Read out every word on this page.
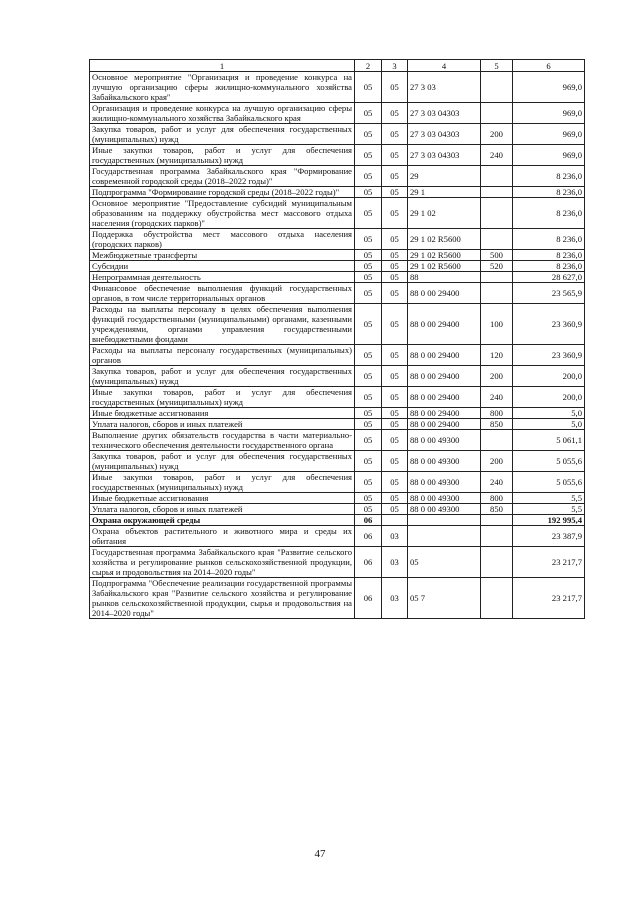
1	2	3	4	5	6
Основное мероприятие "Организация и проведение конкурса на лучшую организацию сферы жилищно-коммунального хозяйства Забайкальского края"	05	05	27 3 03		969,0
Организация и проведение конкурса на лучшую организацию сферы жилищно-коммунального хозяйства Забайкальского края	05	05	27 3 03 04303		969,0
Закупка товаров, работ и услуг для обеспечения государственных (муниципальных) нужд	05	05	27 3 03 04303	200	969,0
Иные закупки товаров, работ и услуг для обеспечения государственных (муниципальных) нужд	05	05	27 3 03 04303	240	969,0
Государственная программа Забайкальского края "Формирование современной городской среды (2018–2022 годы)"	05	05	29		8 236,0
Подпрограмма "Формирование городской среды (2018–2022 годы)"	05	05	29 1		8 236,0
Основное мероприятие "Предоставление субсидий муниципальным образованиям на поддержку обустройства мест массового отдыха населения (городских парков)"	05	05	29 1 02		8 236,0
Поддержка обустройства мест массового отдыха населения (городских парков)	05	05	29 1 02 R5600		8 236,0
Межбюджетные трансферты	05	05	29 1 02 R5600	500	8 236,0
Субсидии	05	05	29 1 02 R5600	520	8 236,0
Непрограммная деятельность	05	05	88		28 627,0
Финансовое обеспечение выполнения функций государственных органов, в том числе территориальных органов	05	05	88 0 00 29400		23 565,9
Расходы на выплаты персоналу в целях обеспечения выполнения функций государственными (муниципальными) органами, казенными учреждениями, органами управления государственными внебюджетными фондами	05	05	88 0 00 29400	100	23 360,9
Расходы на выплаты персоналу государственных (муниципальных) органов	05	05	88 0 00 29400	120	23 360,9
Закупка товаров, работ и услуг для обеспечения государственных (муниципальных) нужд	05	05	88 0 00 29400	200	200,0
Иные закупки товаров, работ и услуг для обеспечения государственных (муниципальных) нужд	05	05	88 0 00 29400	240	200,0
Иные бюджетные ассигнования	05	05	88 0 00 29400	800	5,0
Уплата налогов, сборов и иных платежей	05	05	88 0 00 29400	850	5,0
Выполнение других обязательств государства в части материально-технического обеспечения деятельности государственного органа	05	05	88 0 00 49300		5 061,1
Закупка товаров, работ и услуг для обеспечения государственных (муниципальных) нужд	05	05	88 0 00 49300	200	5 055,6
Иные закупки товаров, работ и услуг для обеспечения государственных (муниципальных) нужд	05	05	88 0 00 49300	240	5 055,6
Иные бюджетные ассигнования	05	05	88 0 00 49300	800	5,5
Уплата налогов, сборов и иных платежей	05	05	88 0 00 49300	850	5,5
Охрана окружающей среды	06				192 995,4
Охрана объектов растительного и животного мира и среды их обитания	06	03			23 387,9
Государственная программа Забайкальского края "Развитие сельского хозяйства и регулирование рынков сельскохозяйственной продукции, сырья и продовольствия на 2014–2020 годы"	06	03	05		23 217,7
Подпрограмма "Обеспечение реализации государственной программы Забайкальского края "Развитие сельского хозяйства и регулирование рынков сельскохозяйственной продукции, сырья и продовольствия на 2014–2020 годы"	06	03	05 7		23 217,7
47
